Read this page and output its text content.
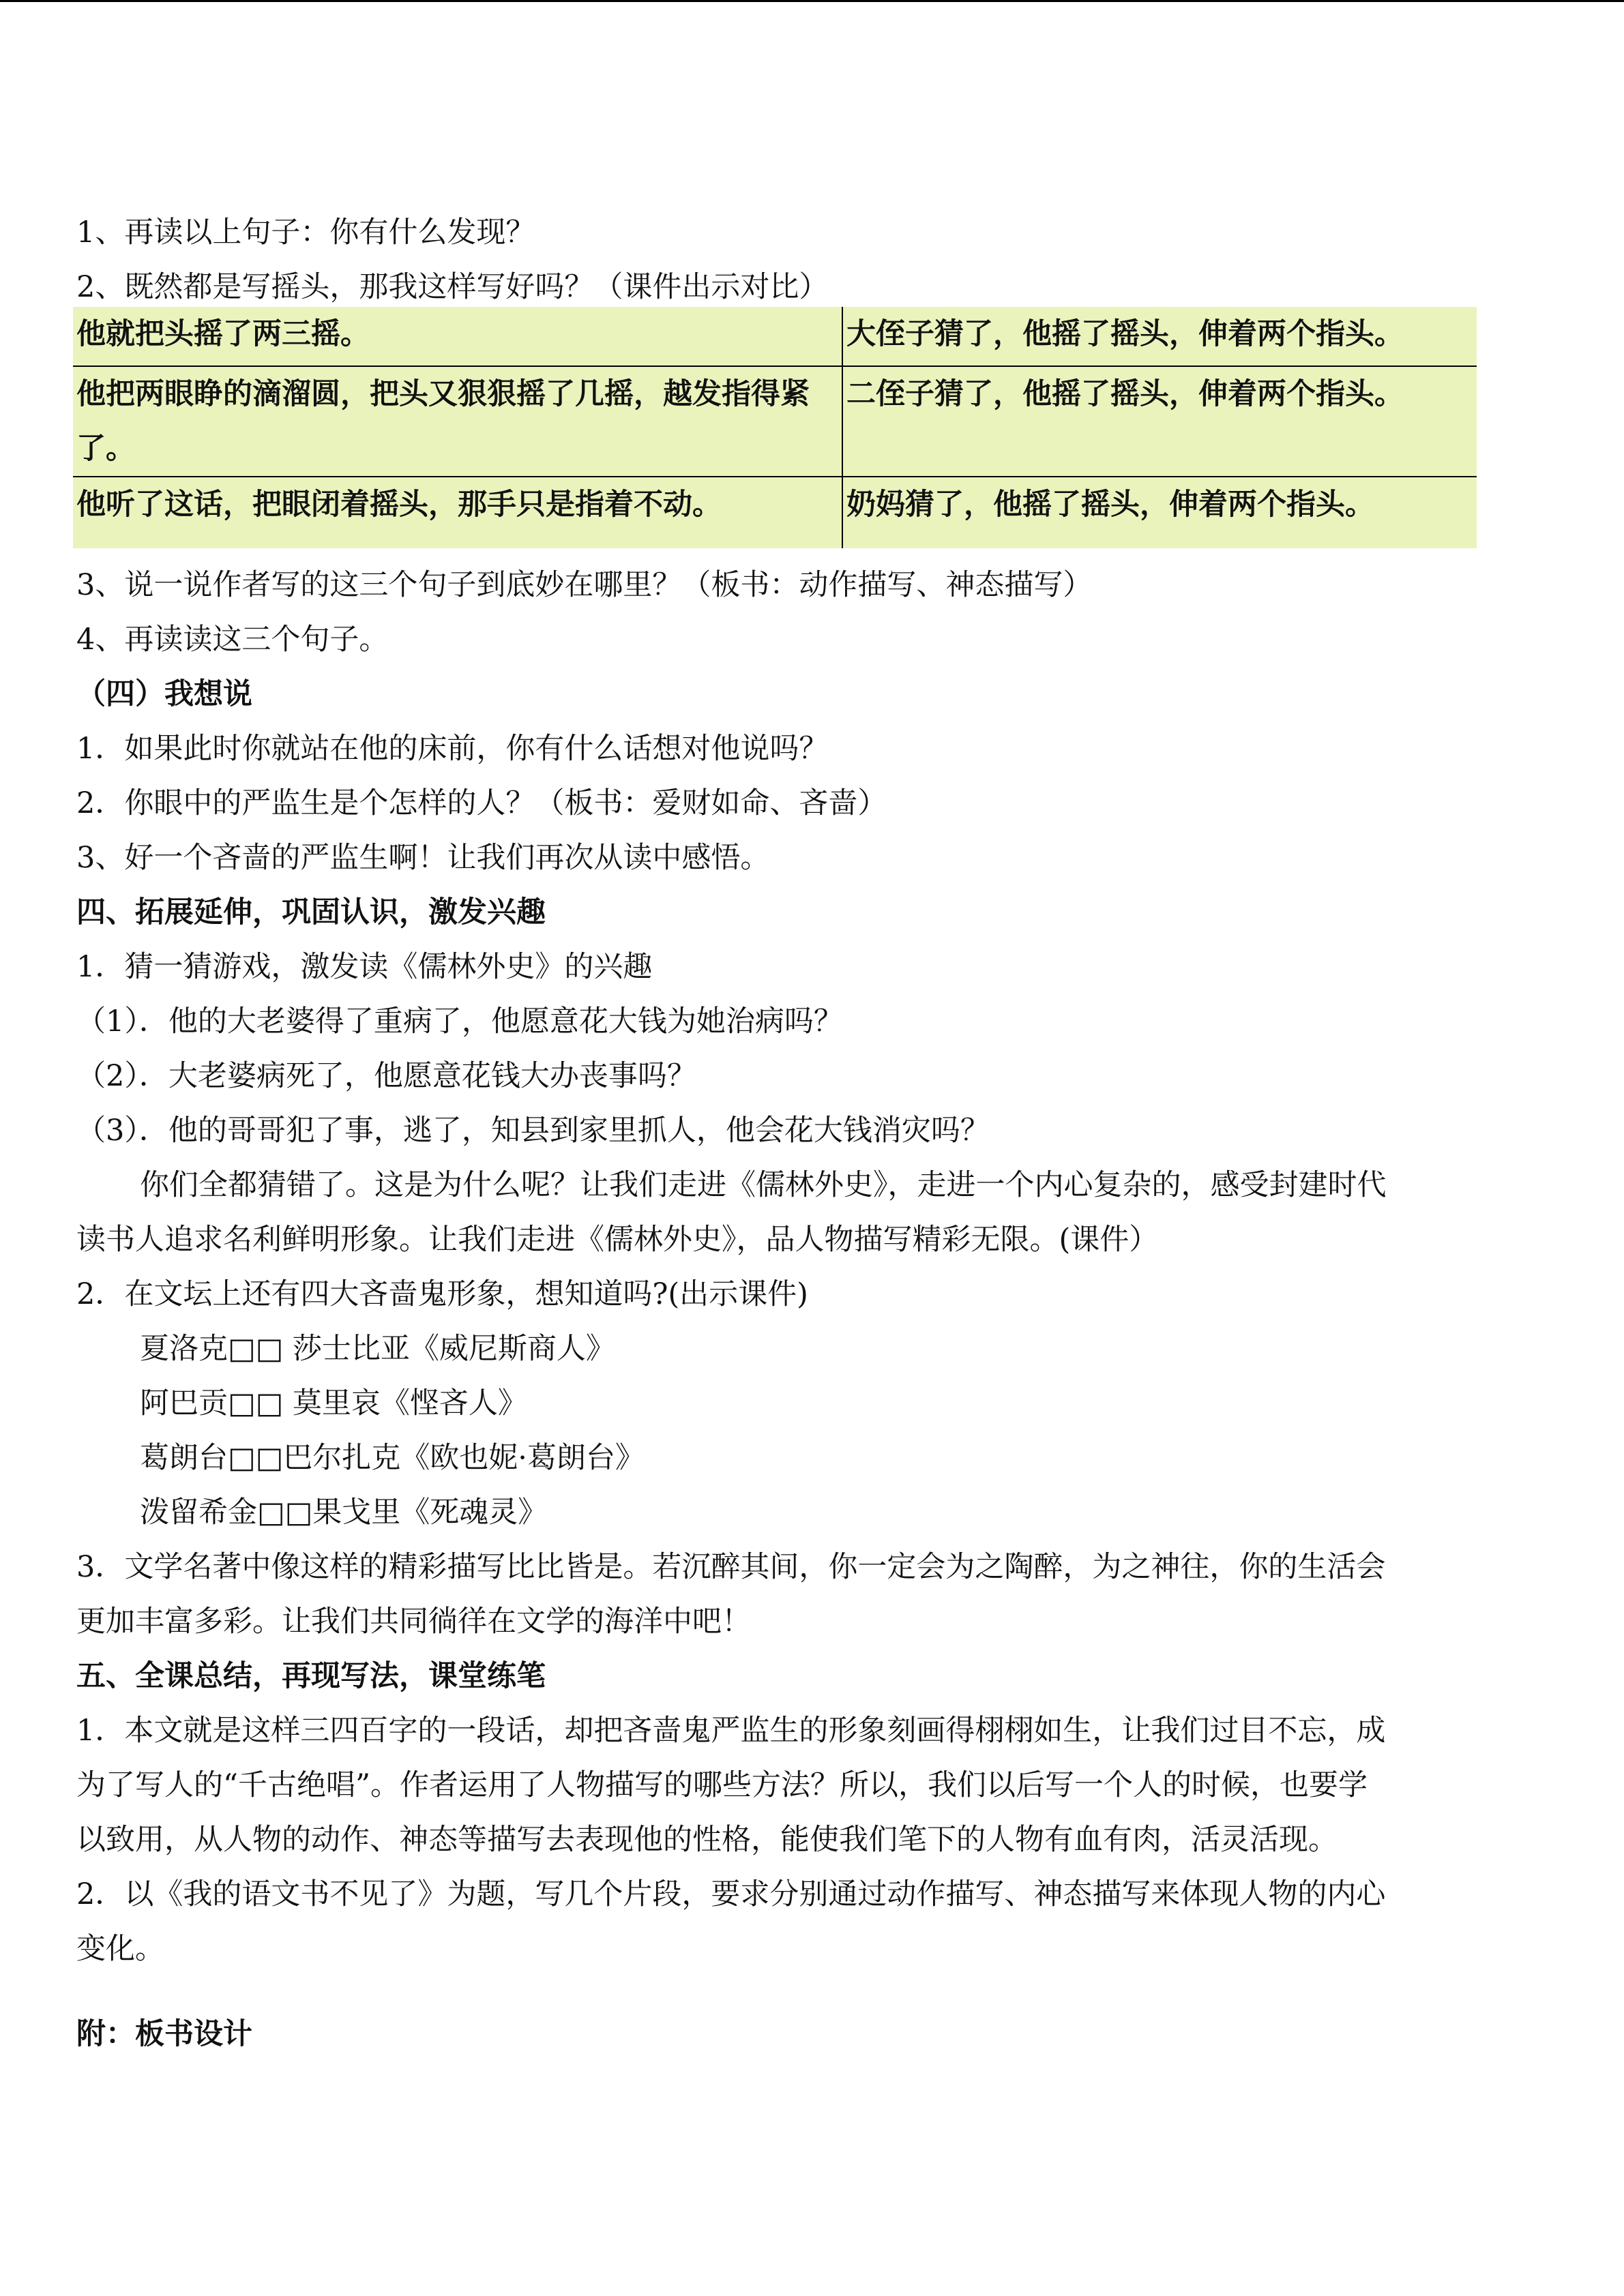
1、再读以上句子：你有什么发现？
2、既然都是写摇头，那我这样写好吗？（课件出示对比）
他就把头摇了两三摇。	大侄子猜了，他摇了摇头，伸着两个指头。
他把两眼睁的滴溜圆，把头又狠狠摇了几摇，越发指得紧了。	二侄子猜了，他摇了摇头，伸着两个指头。
他听了这话，把眼闭着摇头，那手只是指着不动。	奶妈猜了，他摇了摇头，伸着两个指头。
3、说一说作者写的这三个句子到底妙在哪里？（板书：动作描写、神态描写）
4、再读读这三个句子。
（四）我想说
1．如果此时你就站在他的床前，你有什么话想对他说吗？
2．你眼中的严监生是个怎样的人？（板书：爱财如命、吝啬）
3、好一个吝啬的严监生啊！让我们再次从读中感悟。
四、拓展延伸，巩固认识，激发兴趣
1．猜一猜游戏，激发读《儒林外史》的兴趣
（1）．他的大老婆得了重病了，他愿意花大钱为她治病吗？
（2）．大老婆病死了，他愿意花钱大办丧事吗？
（3）．他的哥哥犯了事，逃了，知县到家里抓人，他会花大钱消灾吗？
你们全都猜错了。这是为什么呢？让我们走进《儒林外史》，走进一个内心复杂的，感受封建时代
读书人追求名利鲜明形象。让我们走进《儒林外史》，品人物描写精彩无限。(课件）
2．在文坛上还有四大吝啬鬼形象，想知道吗?(出示课件)
夏洛克□□ 莎士比亚《威尼斯商人》
阿巴贡□□ 莫里哀《悭吝人》
葛朗台□□巴尔扎克《欧也妮·葛朗台》
泼留希金□□果戈里《死魂灵》
3．文学名著中像这样的精彩描写比比皆是。若沉醉其间，你一定会为之陶醉，为之神往，你的生活会
更加丰富多彩。让我们共同徜徉在文学的海洋中吧！
五、全课总结，再现写法，课堂练笔
1．本文就是这样三四百字的一段话，却把吝啬鬼严监生的形象刻画得栩栩如生，让我们过目不忘，成
为了写人的“千古绝唱”。作者运用了人物描写的哪些方法？所以，我们以后写一个人的时候，也要学
以致用，从人物的动作、神态等描写去表现他的性格，能使我们笔下的人物有血有肉，活灵活现。
2．以《我的语文书不见了》为题，写几个片段，要求分别通过动作描写、神态描写来体现人物的内心
变化。
附：板书设计
